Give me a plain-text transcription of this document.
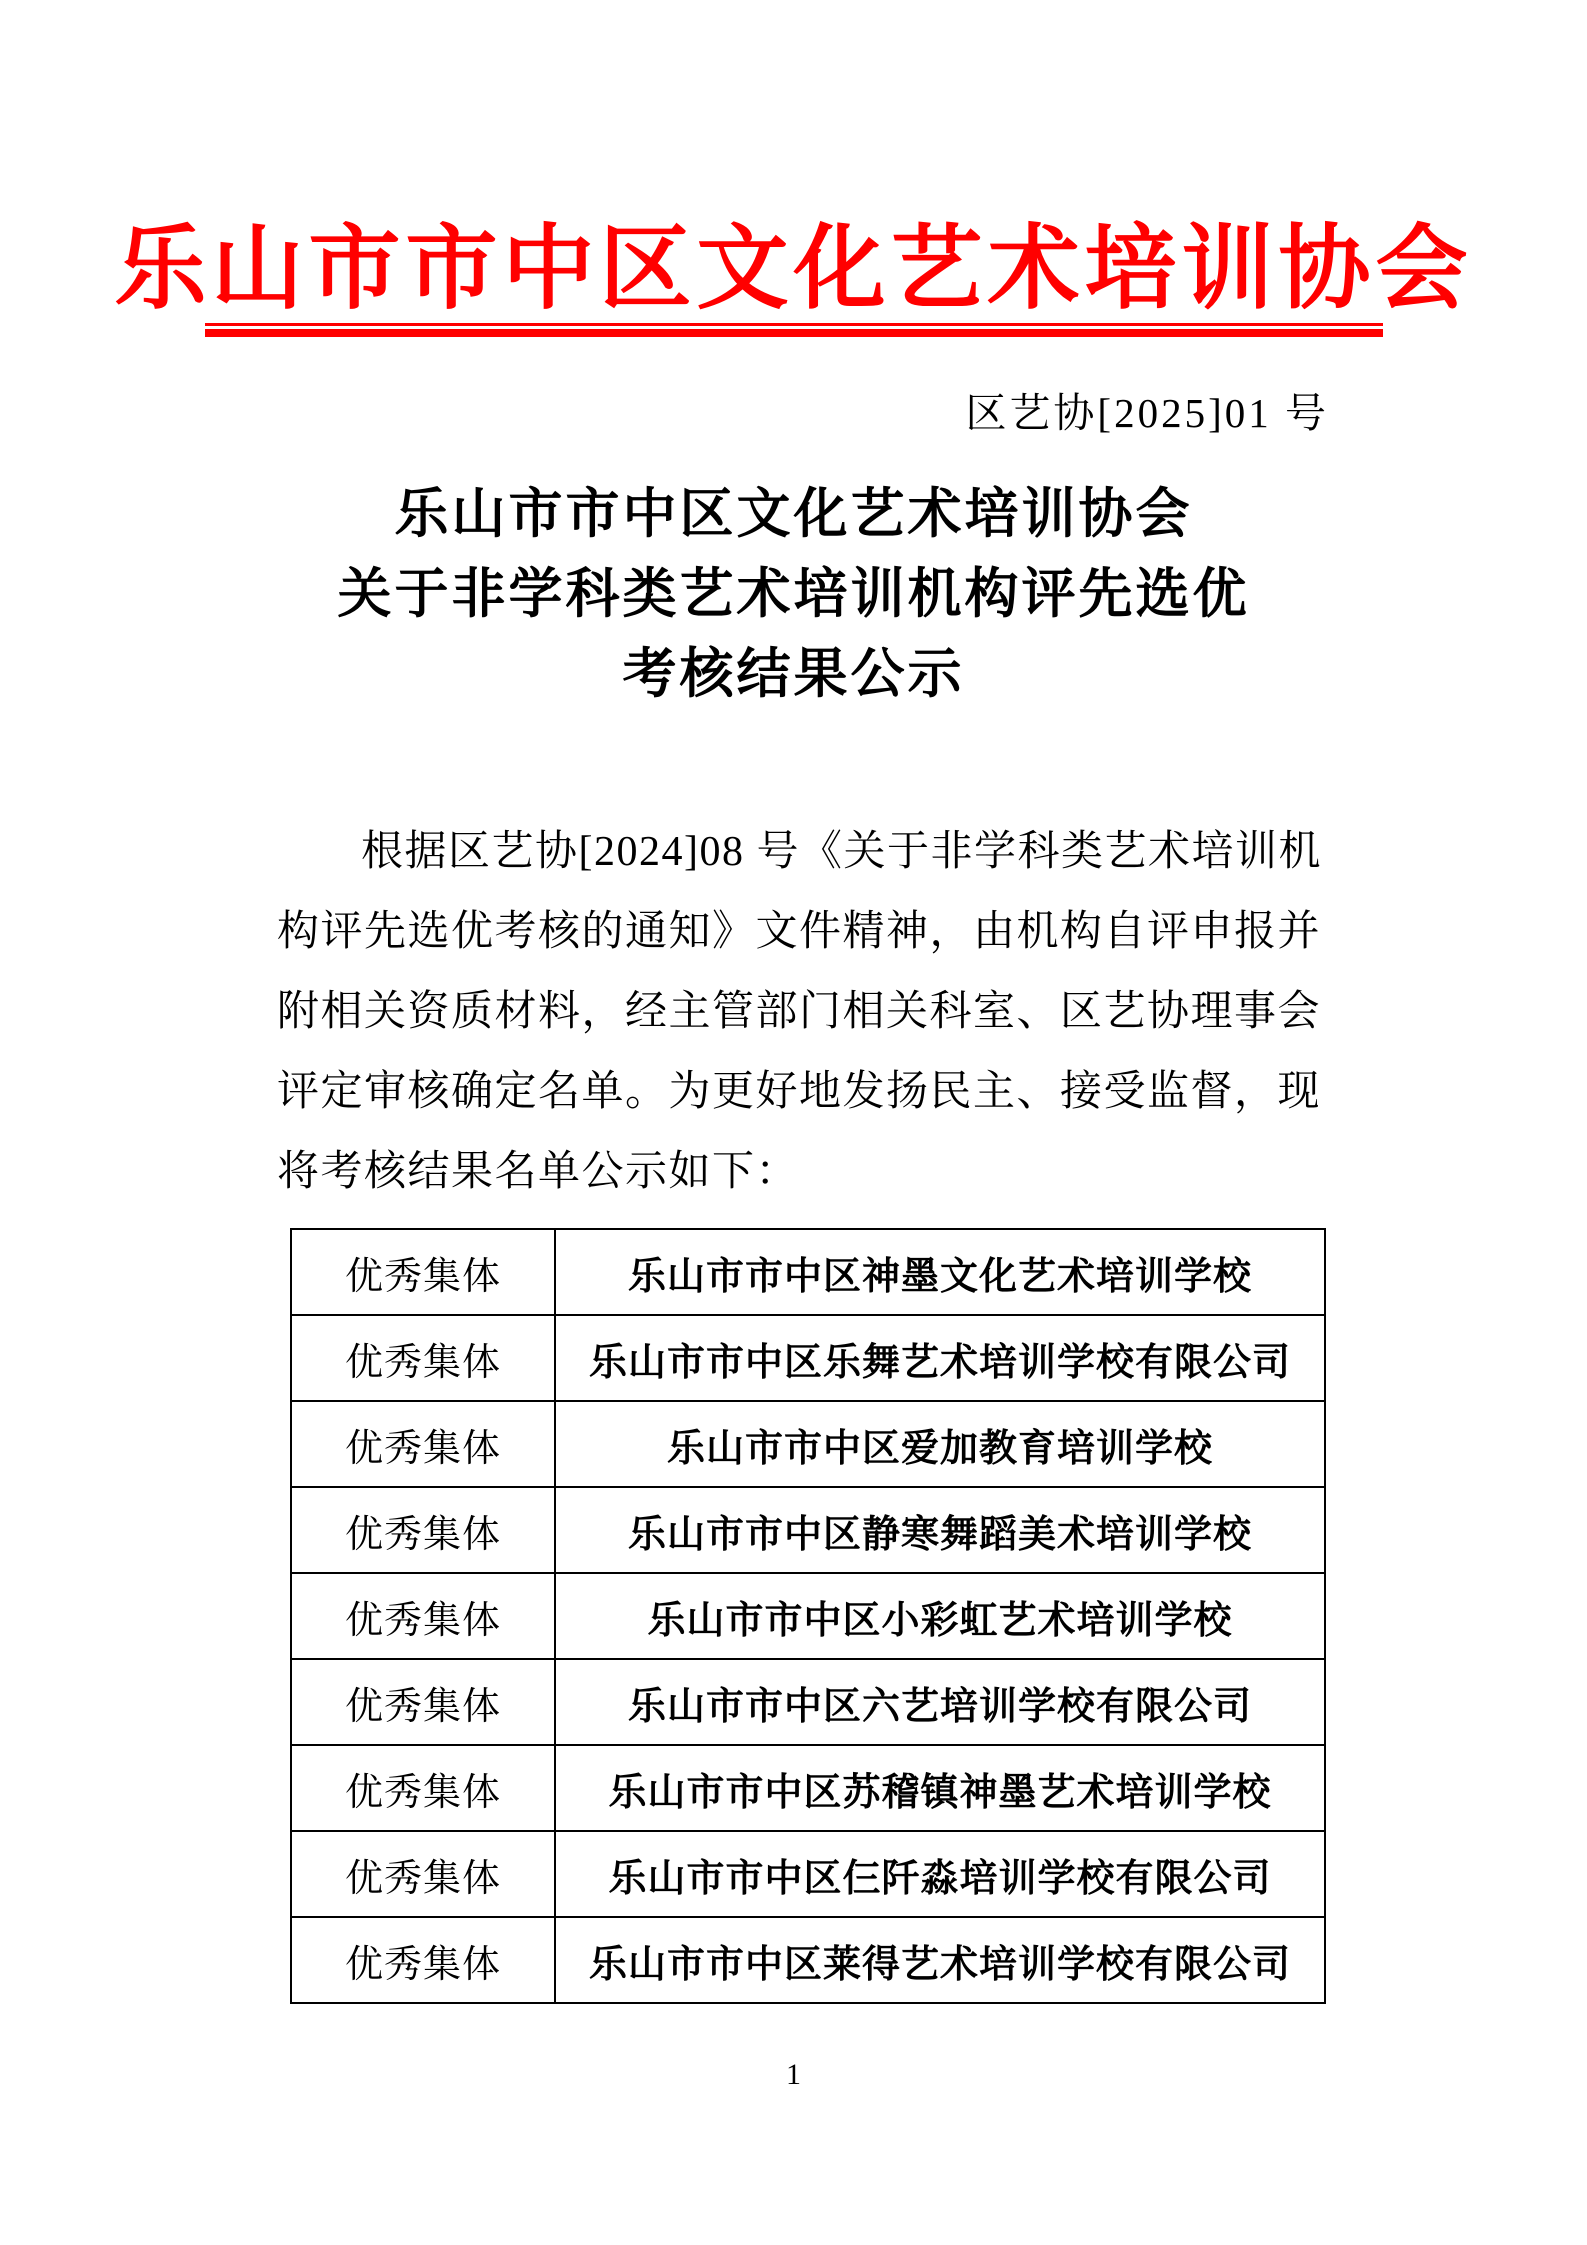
乐山市市中区文化艺术培训协会
区艺协[2025]01 号
乐山市市中区文化艺术培训协会
关于非学科类艺术培训机构评先选优
考核结果公示
根据区艺协[2024]08 号《关于非学科类艺术培训机
构评先选优考核的通知》文件精神，由机构自评申报并
附相关资质材料，经主管部门相关科室、区艺协理事会
评定审核确定名单。为更好地发扬民主、接受监督，现
将考核结果名单公示如下：
优秀集体	乐山市市中区神墨文化艺术培训学校
优秀集体	乐山市市中区乐舞艺术培训学校有限公司
优秀集体	乐山市市中区爱加教育培训学校
优秀集体	乐山市市中区静寒舞蹈美术培训学校
优秀集体	乐山市市中区小彩虹艺术培训学校
优秀集体	乐山市市中区六艺培训学校有限公司
优秀集体	乐山市市中区苏稽镇神墨艺术培训学校
优秀集体	乐山市市中区仨阡淼培训学校有限公司
优秀集体	乐山市市中区莱得艺术培训学校有限公司
1
